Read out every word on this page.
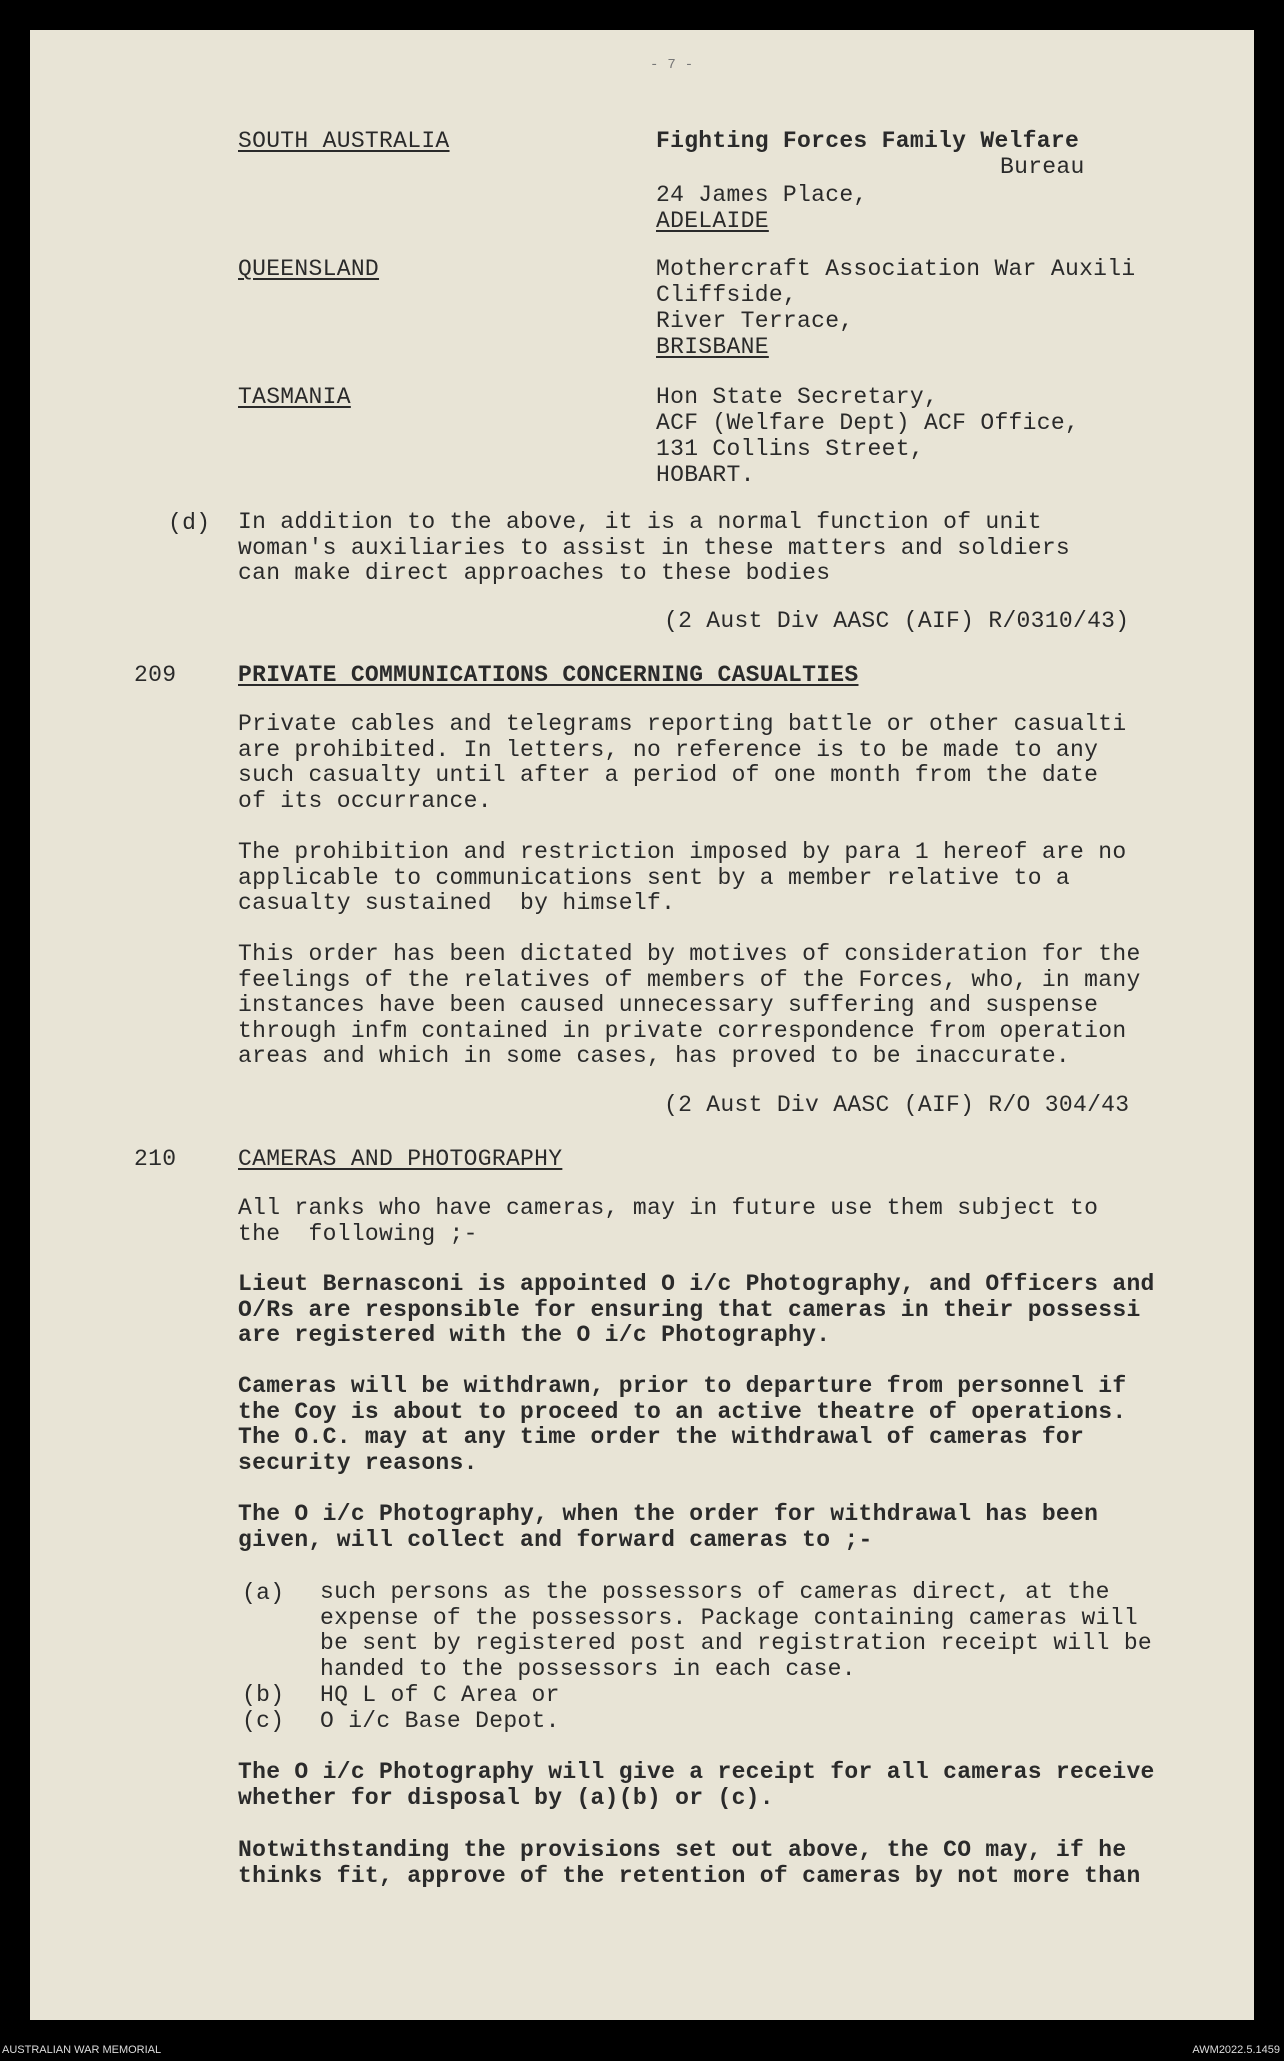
- 7 -
SOUTH AUSTRALIA	Fighting Forces Family Welfare
Bureau
24 James Place,
ADELAIDE
QUEENSLAND	Mothercraft Association War Auxili
Cliffside,
River Terrace,
BRISBANE
TASMANIA	Hon State Secretary,
ACF (Welfare Dept) ACF Office,
131 Collins Street,
HOBART.
(d) In addition to the above, it is a normal function of unit
woman's auxiliaries to assist in these matters and soldiers
can make direct approaches to these bodies
(2 Aust Div AASC (AIF) R/0310/43)
209	PRIVATE COMMUNICATIONS CONCERNING CASUALTIES
Private cables and telegrams reporting battle or other casualti
are prohibited. In letters, no reference is to be made to any
such casualty until after a period of one month from the date
of its occurrance.
The prohibition and restriction imposed by para 1 hereof are no
applicable to communications sent by a member relative to a
casualty sustained  by himself.
This order has been dictated by motives of consideration for the
feelings of the relatives of members of the Forces, who, in many
instances have been caused unnecessary suffering and suspense
through infm contained in private correspondence from operation
areas and which in some cases, has proved to be inaccurate.
(2 Aust Div AASC (AIF) R/O 304/43
210	CAMERAS AND PHOTOGRAPHY
All ranks who have cameras, may in future use them subject to
the  following ;-
Lieut Bernasconi is appointed O i/c Photography, and Officers and
O/Rs are responsible for ensuring that cameras in their possessi
are registered with the O i/c Photography.
Cameras will be withdrawn, prior to departure from personnel if
the Coy is about to proceed to an active theatre of operations.
The O.C. may at any time order the withdrawal of cameras for
security reasons.
The O i/c Photography, when the order for withdrawal has been
given, will collect and forward cameras to ;-
(a) such persons as the possessors of cameras direct, at the
expense of the possessors. Package containing cameras will
be sent by registered post and registration receipt will be
handed to the possessors in each case.
(b) HQ L of C Area or
(c) O i/c Base Depot.
The O i/c Photography will give a receipt for all cameras receive
whether for disposal by (a)(b) or (c).
Notwithstanding the provisions set out above, the CO may, if he
thinks fit, approve of the retention of cameras by not more than
AUSTRALIAN WAR MEMORIAL	AWM2022.5.1459
